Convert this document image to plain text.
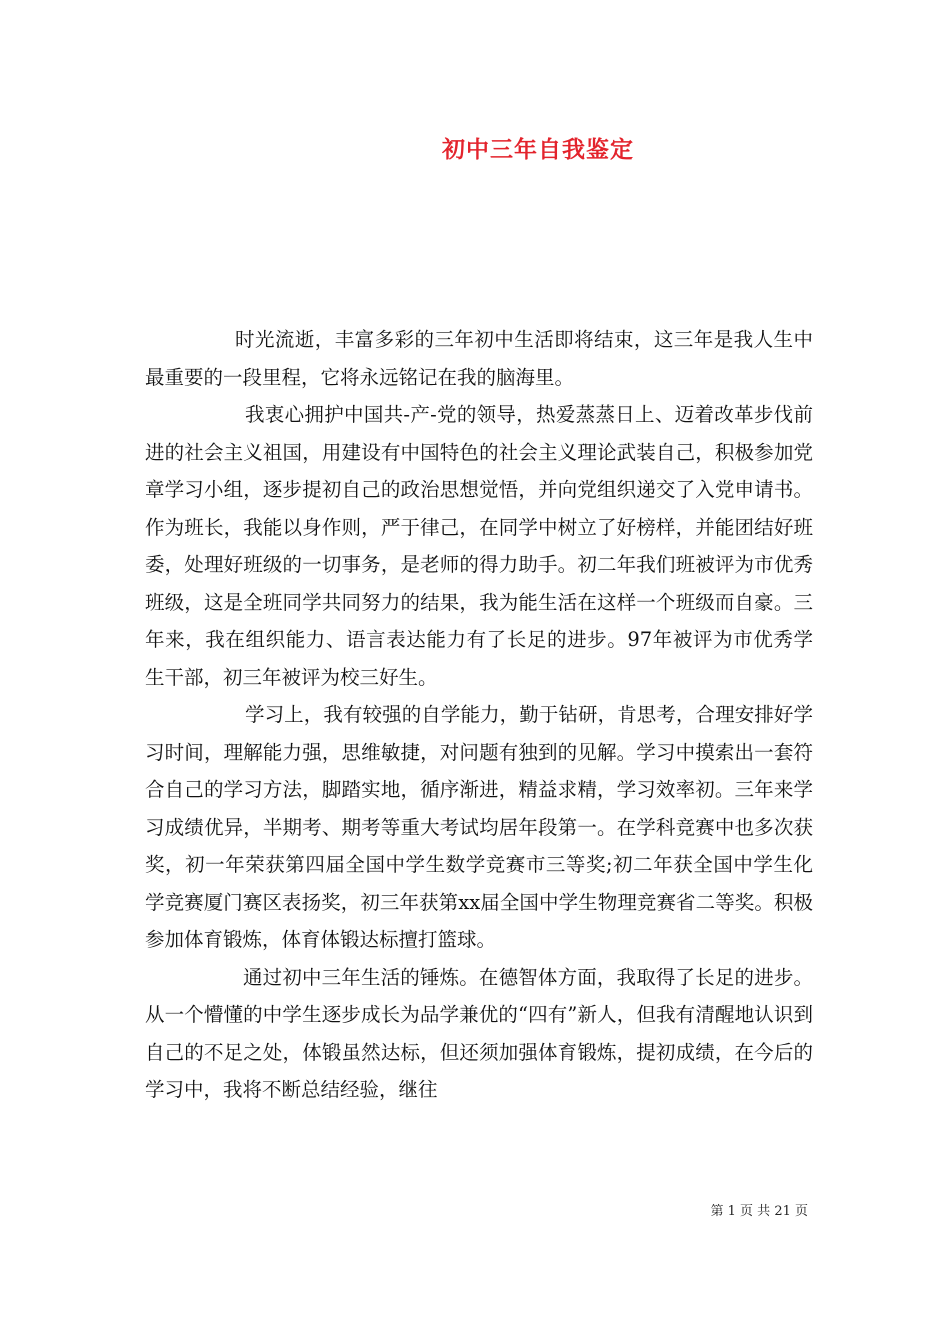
初中三年自我鉴定

时光流逝，丰富多彩的三年初中生活即将结束，这三年是我人生中最重要的一段里程，它将永远铭记在我的脑海里。

我衷心拥护中国共-产-党的领导，热爱蒸蒸日上、迈着改革步伐前进的社会主义祖国，用建设有中国特色的社会主义理论武装自己，积极参加党章学习小组，逐步提初自己的政治思想觉悟，并向党组织递交了入党申请书。作为班长，我能以身作则，严于律己，在同学中树立了好榜样，并能团结好班委，处理好班级的一切事务，是老师的得力助手。初二年我们班被评为市优秀班级，这是全班同学共同努力的结果，我为能生活在这样一个班级而自豪。三年来，我在组织能力、语言表达能力有了长足的进步。97年被评为市优秀学生干部，初三年被评为校三好生。

学习上，我有较强的自学能力，勤于钻研，肯思考，合理安排好学习时间，理解能力强，思维敏捷，对问题有独到的见解。学习中摸索出一套符合自己的学习方法，脚踏实地，循序渐进，精益求精，学习效率初。三年来学习成绩优异，半期考、期考等重大考试均居年段第一。在学科竞赛中也多次获奖，初一年荣获第四届全国中学生数学竞赛市三等奖;初二年获全国中学生化学竞赛厦门赛区表扬奖，初三年获第xx届全国中学生物理竞赛省二等奖。积极参加体育锻炼，体育体锻达标擅打篮球。

通过初中三年生活的锤炼。在德智体方面，我取得了长足的进步。从一个懵懂的中学生逐步成长为品学兼优的“四有”新人，但我有清醒地认识到自己的不足之处，体锻虽然达标，但还须加强体育锻炼，提初成绩，在今后的学习中，我将不断总结经验，继往

第 1 页 共 21 页
